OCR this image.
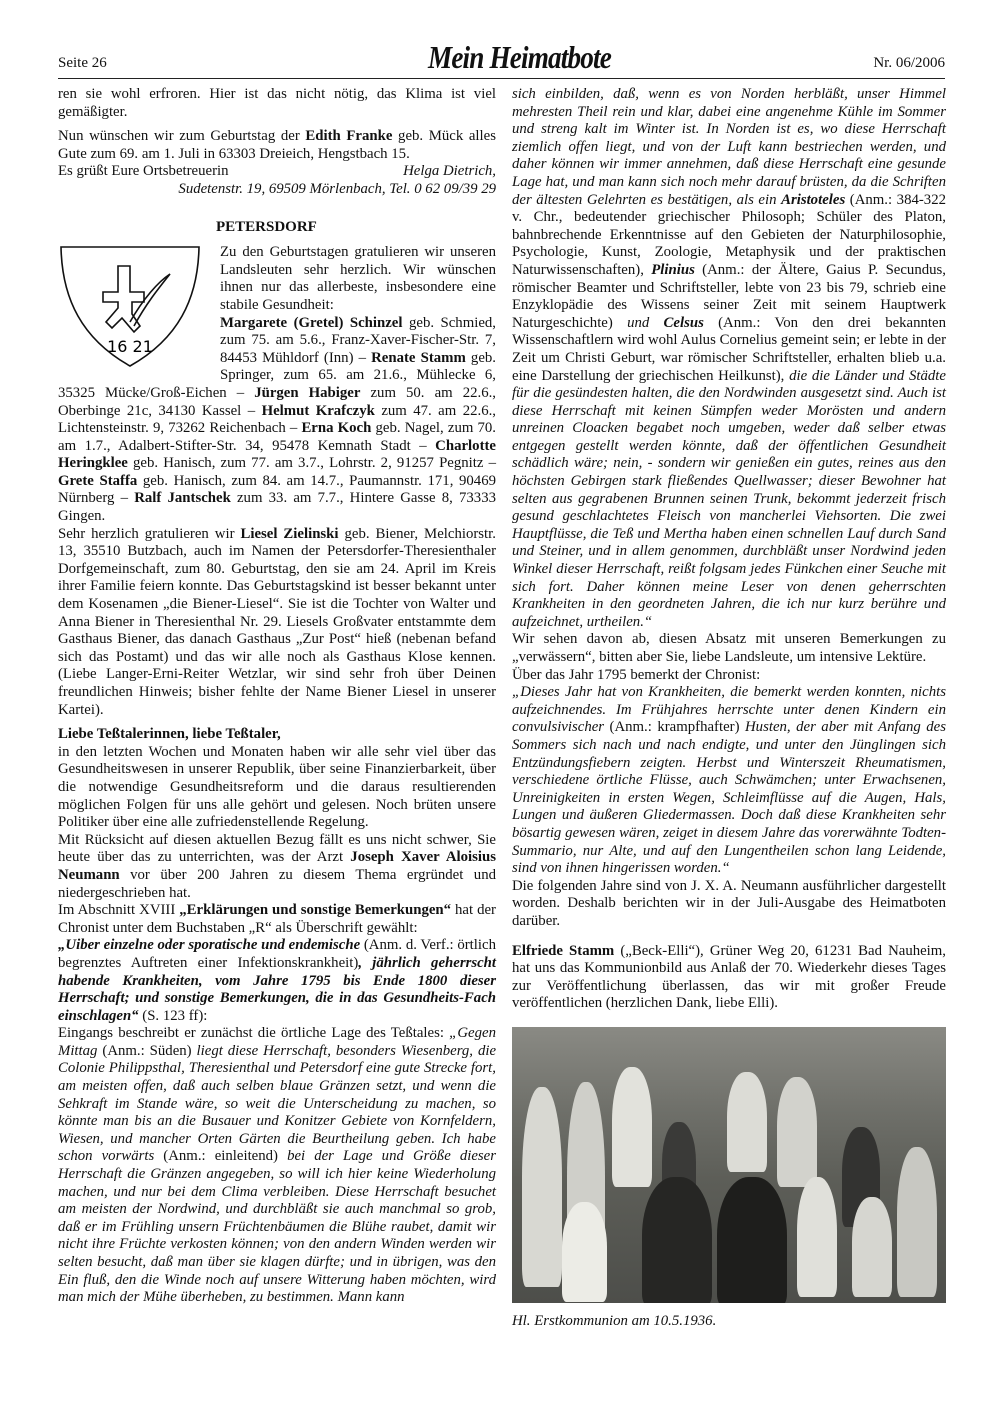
Seite 26	Mein Heimatbote	Nr. 06/2006

ren sie wohl erfroren. Hier ist das nicht nötig, das Klima ist viel gemäßigter.

Nun wünschen wir zum Geburtstag der Edith Franke geb. Mück alles Gute zum 69. am 1. Juli in 63303 Dreieich, Hengstbach 15.

Es grüßt Eure Ortsbetreuerin	Helga Dietrich,
Sudetenstr. 19, 69509 Mörlenbach, Tel. 0 62 09/39 29
PETERSDORF
16 21

Zu den Geburtstagen gratulieren wir unseren Landsleuten sehr herzlich. Wir wünschen ihnen nur das allerbeste, insbesondere eine stabile Gesundheit:

Margarete (Gretel) Schinzel geb. Schmied, zum 75. am 5.6., Franz-Xaver-Fischer-Str. 7, 84453 Mühldorf (Inn) – Renate Stamm geb. Springer, zum 65. am 21.6., Mühlecke 6, 35325 Mücke/Groß-Eichen – Jürgen Habiger zum 50. am 22.6., Oberbinge 21c, 34130 Kassel – Helmut Krafczyk zum 47. am 22.6., Lichtensteinstr. 9, 73262 Reichenbach – Erna Koch geb. Nagel, zum 70. am 1.7., Adalbert-Stifter-Str. 34, 95478 Kemnath Stadt – Charlotte Heringklee geb. Hanisch, zum 77. am 3.7., Lohrstr. 2, 91257 Pegnitz – Grete Staffa geb. Hanisch, zum 84. am 14.7., Paumannstr. 171, 90469 Nürnberg – Ralf Jantschek zum 33. am 7.7., Hintere Gasse 8, 73333 Gingen.

Sehr herzlich gratulieren wir Liesel Zielinski geb. Biener, Melchiorstr. 13, 35510 Butzbach, auch im Namen der Petersdorfer-Theresienthaler Dorfgemeinschaft, zum 80. Geburtstag, den sie am 24. April im Kreis ihrer Familie feiern konnte. Das Geburtstagskind ist besser bekannt unter dem Kosenamen „die Biener-Liesel“. Sie ist die Tochter von Walter und Anna Biener in Theresienthal Nr. 29. Liesels Großvater entstammte dem Gasthaus Biener, das danach Gasthaus „Zur Post“ hieß (nebenan befand sich das Postamt) und das wir alle noch als Gasthaus Klose kennen. (Liebe Langer-Erni-Reiter Wetzlar, wir sind sehr froh über Deinen freundlichen Hinweis; bisher fehlte der Name Biener Liesel in unserer Kartei).

Liebe Teßtalerinnen, liebe Teßtaler,

in den letzten Wochen und Monaten haben wir alle sehr viel über das Gesundheitswesen in unserer Republik, über seine Finanzierbarkeit, über die notwendige Gesundheitsreform und die daraus resultierenden möglichen Folgen für uns alle gehört und gelesen. Noch brüten unsere Politiker über eine alle zufriedenstellende Regelung.

Mit Rücksicht auf diesen aktuellen Bezug fällt es uns nicht schwer, Sie heute über das zu unterrichten, was der Arzt Joseph Xaver Aloisius Neumann vor über 200 Jahren zu diesem Thema ergründet und niedergeschrieben hat.

Im Abschnitt XVIII „Erklärungen und sonstige Bemerkungen“ hat der Chronist unter dem Buchstaben „R“ als Überschrift gewählt:

„Uiber einzelne oder sporatische und endemische (Anm. d. Verf.: örtlich begrenztes Auftreten einer Infektionskrankheit), jährlich geherrscht habende Krankheiten, vom Jahre 1795 bis Ende 1800 dieser Herrschaft; und sonstige Bemerkungen, die in das Gesundheits-Fach einschlagen“ (S. 123 ff):

Eingangs beschreibt er zunächst die örtliche Lage des Teßtales: „Gegen Mittag (Anm.: Süden) liegt diese Herrschaft, besonders Wiesenberg, die Colonie Philippsthal, Theresienthal und Petersdorf eine gute Strecke fort, am meisten offen, daß auch selben blaue Gränzen setzt, und wenn die Sehkraft im Stande wäre, so weit die Unterscheidung zu machen, so könnte man bis an die Busauer und Konitzer Gebiete von Kornfeldern, Wiesen, und mancher Orten Gärten die Beurtheilung geben. Ich habe schon vorwärts (Anm.: einleitend) bei der Lage und Größe dieser Herrschaft die Gränzen angegeben, so will ich hier keine Wiederholung machen, und nur bei dem Clima verbleiben. Diese Herrschaft besuchet am meisten der Nordwind, und durchbläßt sie auch manchmal so grob, daß er im Frühling unsern Früchtenbäumen die Blühe raubet, damit wir nicht ihre Früchte verkosten können; von den andern Winden werden wir selten besucht, daß man über sie klagen dürfte; und in übrigen, was den Ein fluß, den die Winde noch auf unsere Witterung haben möchten, wird man mich der Mühe überheben, zu bestimmen. Mann kann

sich einbilden, daß, wenn es von Norden herbläßt, unser Himmel mehresten Theil rein und klar, dabei eine angenehme Kühle im Sommer und streng kalt im Winter ist. In Norden ist es, wo diese Herrschaft ziemlich offen liegt, und von der Luft kann bestriechen werden, und daher können wir immer annehmen, daß diese Herrschaft eine gesunde Lage hat, und man kann sich noch mehr darauf brüsten, da die Schriften der ältesten Gelehrten es bestätigen, als ein Aristoteles (Anm.: 384-322 v. Chr., bedeutender griechischer Philosoph; Schüler des Platon, bahnbrechende Erkenntnisse auf den Gebieten der Naturphilosophie, Psychologie, Kunst, Zoologie, Metaphysik und der praktischen Naturwissenschaften), Plinius (Anm.: der Ältere, Gaius P. Secundus, römischer Beamter und Schriftsteller, lebte von 23 bis 79, schrieb eine Enzyklopädie des Wissens seiner Zeit mit seinem Hauptwerk Naturgeschichte) und Celsus (Anm.: Von den drei bekannten Wissenschaftlern wird wohl Aulus Cornelius gemeint sein; er lebte in der Zeit um Christi Geburt, war römischer Schriftsteller, erhalten blieb u.a. eine Darstellung der griechischen Heilkunst), die die Länder und Städte für die gesündesten halten, die den Nordwinden ausgesetzt sind. Auch ist diese Herrschaft mit keinen Sümpfen weder Morösten und andern unreinen Cloacken begabet noch umgeben, weder daß selber etwas entgegen gestellt werden könnte, daß der öffentlichen Gesundheit schädlich wäre; nein, - sondern wir genießen ein gutes, reines aus den höchsten Gebirgen stark fließendes Quellwasser; dieser Bewohner hat selten aus gegrabenen Brunnen seinen Trunk, bekommt jederzeit frisch gesund geschlachtetes Fleisch von mancherlei Viehsorten. Die zwei Hauptflüsse, die Teß und Mertha haben einen schnellen Lauf durch Sand und Steiner, und in allem genommen, durchbläßt unser Nordwind jeden Winkel dieser Herrschaft, reißt folgsam jedes Fünkchen einer Seuche mit sich fort. Daher können meine Leser von denen geherrschten Krankheiten in den geordneten Jahren, die ich nur kurz berühre und aufzeichnet, urtheilen.“

Wir sehen davon ab, diesen Absatz mit unseren Bemerkungen zu „verwässern“, bitten aber Sie, liebe Landsleute, um intensive Lektüre.

Über das Jahr 1795 bemerkt der Chronist:

„Dieses Jahr hat von Krankheiten, die bemerkt werden konnten, nichts aufzeichnendes. Im Frühjahres herrschte unter denen Kindern ein convulsivischer (Anm.: krampfhafter) Husten, der aber mit Anfang des Sommers sich nach und nach endigte, und unter den Jünglingen sich Entzündungsfiebern zeigten. Herbst und Winterszeit Rheumatismen, verschiedene örtliche Flüsse, auch Schwämchen; unter Erwachsenen, Unreinigkeiten in ersten Wegen, Schleimflüsse auf die Augen, Hals, Lungen und äußeren Gliedermassen. Doch daß diese Krankheiten sehr bösartig gewesen wären, zeiget in diesem Jahre das vorerwähnte Todten-Summario, nur Alte, und auf den Lungentheilen schon lang Leidende, sind von ihnen hingerissen worden.“

Die folgenden Jahre sind von J. X. A. Neumann ausführlicher dargestellt worden. Deshalb berichten wir in der Juli-Ausgabe des Heimatboten darüber.

Elfriede Stamm („Beck-Elli“), Grüner Weg 20, 61231 Bad Nauheim, hat uns das Kommunionbild aus Anlaß der 70. Wiederkehr dieses Tages zur Veröffentlichung überlassen, das wir mit großer Freude veröffentlichen (herzlichen Dank, liebe Elli).

Hl. Erstkommunion am 10.5.1936.
